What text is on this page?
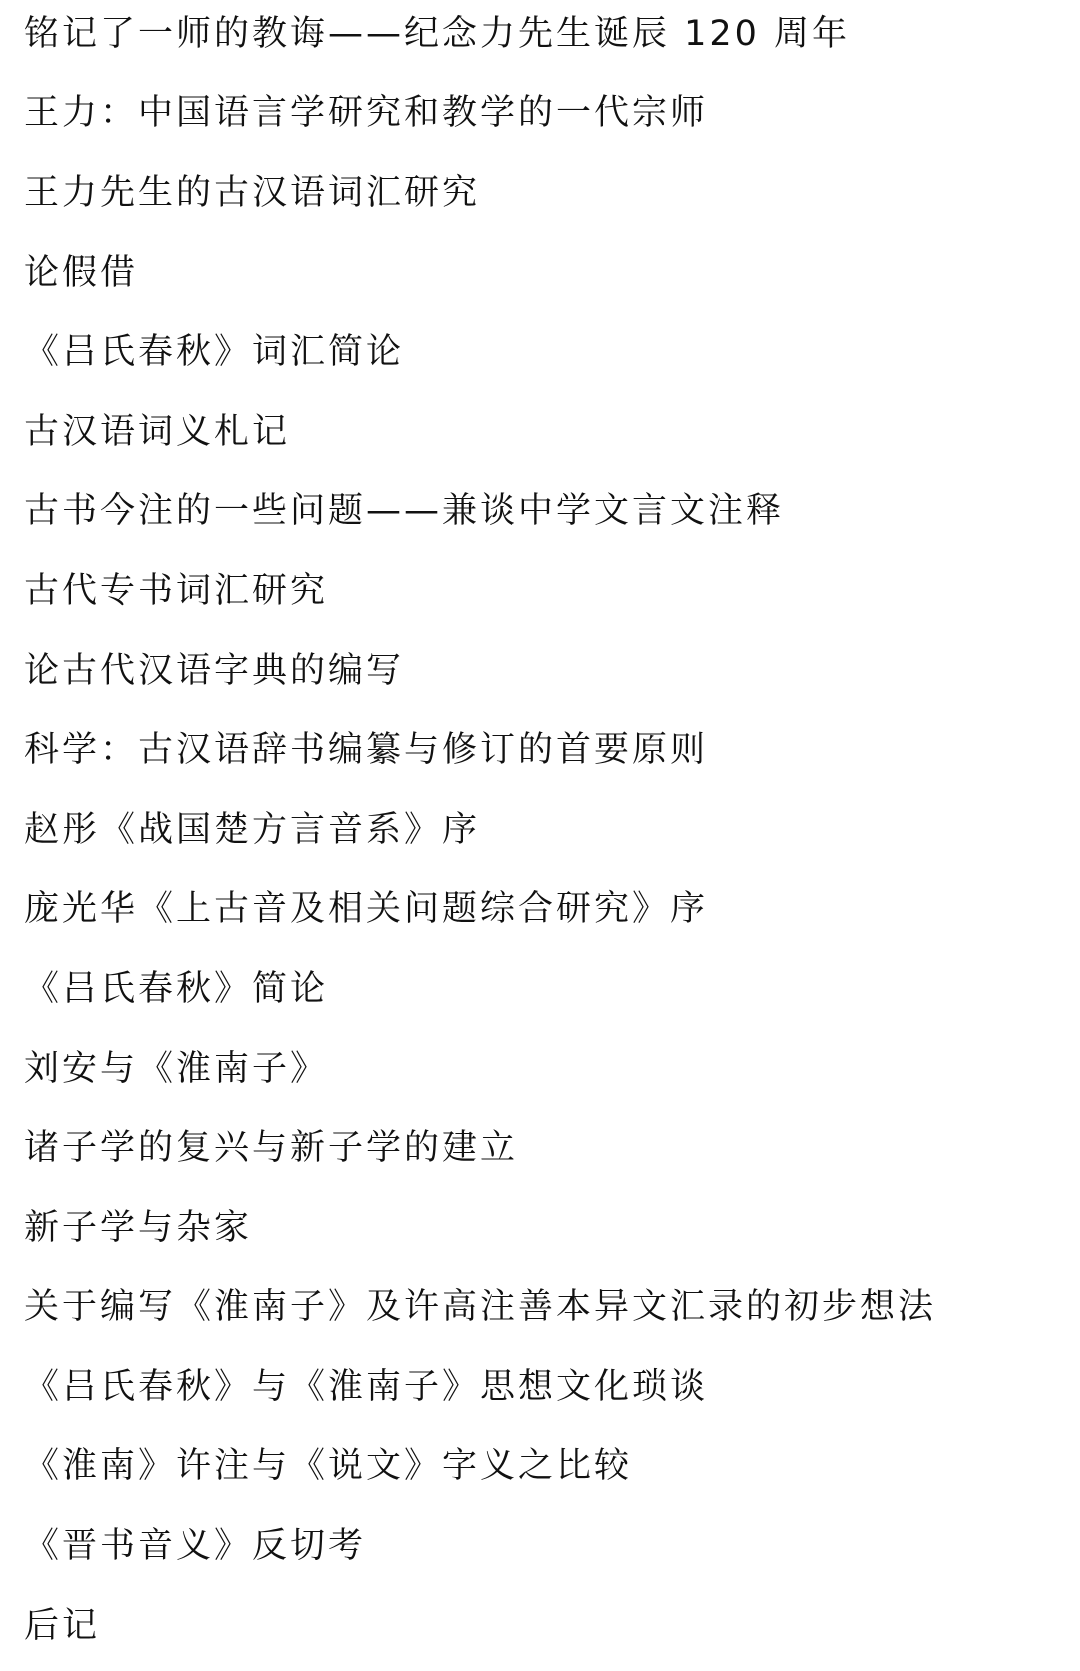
铭记了一师的教诲——纪念力先生诞辰 120 周年
王力：中国语言学研究和教学的一代宗师
王力先生的古汉语词汇研究
论假借
《吕氏春秋》词汇简论
古汉语词义札记
古书今注的一些问题——兼谈中学文言文注释
古代专书词汇研究
论古代汉语字典的编写
科学：古汉语辞书编纂与修订的首要原则
赵彤《战国楚方言音系》序
庞光华《上古音及相关问题综合研究》序
《吕氏春秋》简论
刘安与《淮南子》
诸子学的复兴与新子学的建立
新子学与杂家
关于编写《淮南子》及许高注善本异文汇录的初步想法
《吕氏春秋》与《淮南子》思想文化琐谈
《淮南》许注与《说文》字义之比较
《晋书音义》反切考
后记
